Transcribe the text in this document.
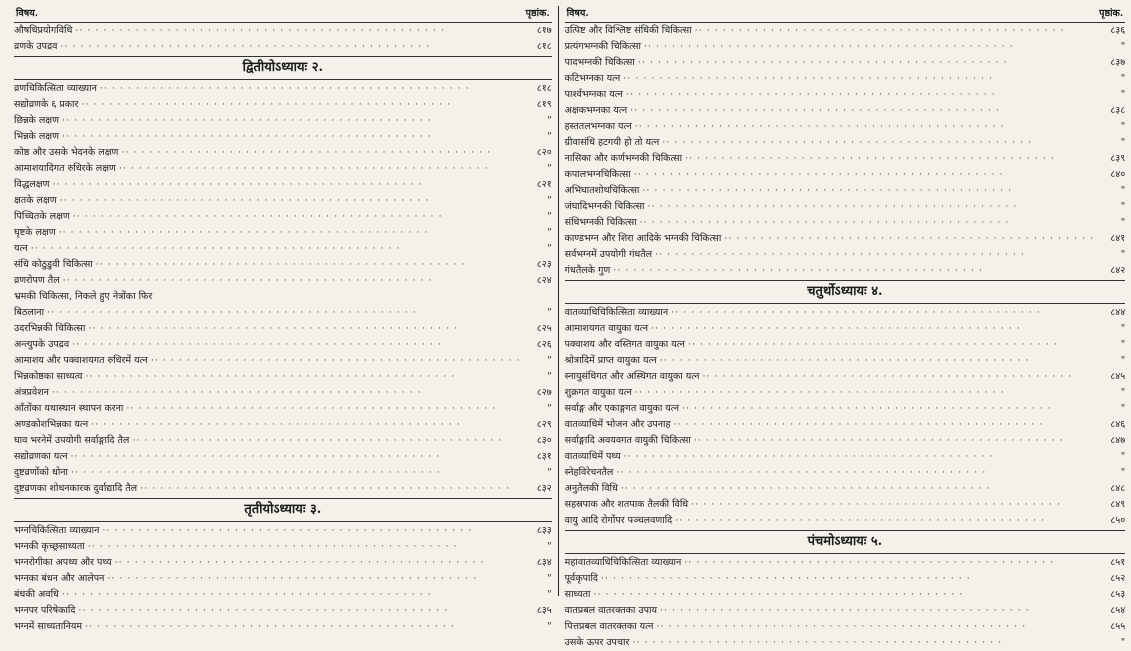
विषय.	पृष्ठांक.
औषधिप्रयोगविधि ·· ·	८१७
व्रणके उपद्रव ·· ·	८१८
द्वितीयोऽध्यायः २.
व्रणचिकित्सिता व्याख्यान ·· ·	८१८
सद्योव्रणके ६ प्रकार ·· ·	८१९
छिन्नके लक्षण ·· ·	"
भिन्नके लक्षण ·· ·	"
कोष्ठ और उसके भेदनके लक्षण ·· ·	८२०
आमाशयादिगत रुधिरके लक्षण ·· ·	"
विद्धलक्षण ·· ·	८२१
क्षतके लक्षण ·· ·	"
पिच्चितके लक्षण ·· ·	"
घृष्टके लक्षण ·· ·	"
यत्न ·· ·	"
संधि कोठुडुवी चिकित्सा ·· ·	८२३
व्रणरोपण तैल ·· ·	८२४
भ्रमकी चिकित्सा, निकले हुए नेत्रोंका फिर
बिठलाना ·· ·	"
उदरभिन्नकी चिकित्सा ·· ·	८२५
अन्त्युपके उपद्रव ·· ·	८२६
आमाशय और पक्वाशयगत रुधिरमें यत्न ·· ·	"
भिन्नकोष्ठका साध्यत्व ·· ·	"
अंत्रप्रवेशन ·· ·	८२७
आँतोंका यथास्थान स्थापन करना ·· ·	"
अण्डकोशभिन्नका यत्न ·· ·	८२९
घाव भरनेमें उपयोगी सर्वाङ्गादि तैल ·· ·	८३०
सद्योव्रणका यत्न ·· ·	८३१
दुष्टव्रणोंको धोना ·· ·	"
दुष्टव्रणका शोधनकारक दुर्वाद्यादि तैल ·· ·	८३२
तृतीयोऽध्यायः ३.
भग्नचिकित्सिता व्याख्यान ·· ·	८३३
भग्नकी कृच्छ्रसाध्यता ·· ·	"
भग्नरोगीका अपथ्य और पथ्य ·· ·	८३४
भग्नका बंधन और आलेपन ·· ·	"
बंधकी अवधि ·· ·	"
भग्नपर परिषेकादि ·· ·	८३५
भग्नमें साध्यतानियम ·· ·	"
विषय.	पृष्ठांक.
उत्पिष्ट और विश्लिष्ट संधिकी चिकित्सा ·· ·	८३६
प्रत्यंगभग्नकी चिकित्सा ·· ·	"
पादभग्नकी चिकित्सा ·· ·	८३७
कटिभग्नका यत्न ·· ·	"
पार्श्वभग्नका यत्न ·· ·	"
अक्षकभग्नका यत्न ·· ·	८३८
हस्ततलभग्नका यत्न ·· ·	"
ग्रीवासंधि हटगयी हो तो यत्न ·· ·	"
नासिका और कर्णभग्नकी चिकित्सा ·· ·	८३९
कपालभग्नचिकित्सा ·· ·	८४०
अभिघातशोथचिकित्सा ·· ·	"
जंघादिभग्नकी चिकित्सा ·· ·	"
संधिभग्नकी चिकित्सा ·· ·	"
काण्डभग्न और शिरा आदिके भग्नकी चिकित्सा ·· ·	८४१
सर्वभग्नमें उपयोगी गंधतैल ·· ·	"
गंधतैलके गुण ·· ·	८४२
चतुर्थोऽध्यायः ४.
वातव्याधिचिकित्सिता व्याख्यान ·· ·	८४४
आमाशयगत वायुका यत्न ·· ·	"
पक्वाशय और वस्तिगत वायुका यत्न ·· ·	"
श्रोत्रादिमें प्राप्त वायुका यत्न ·· ·	"
स्नायुसंधिगत और अस्थिगत वायुका यत्न ·· ·	८४५
शुक्रगत वायुका यत्न ·· ·	"
सर्वाङ्ग और एकाङ्गगत वायुका यत्न ·· ·	"
वातव्याधिमें भोजन और उपनाह ·· ·	८४६
सर्वाङ्गादि अवयवगत वायुकी चिकित्सा ·· ·	८४७
वातव्याधिमें पथ्य ·· ·	"
स्नेहविरेचनतैल ·· ·	"
अनुतैलकी विधि ·· ·	८४८
सहस्रपाक और शतपाक तैलकी विधि ·· ·	८४९
वायु आदि रोगोंपर पञ्चलवणादि ·· ·	८५०
पंचमोऽध्यायः ५.
महावातव्याधिचिकित्सिता व्याख्यान ·· ·	८५१
पूर्वकृपादि ·· ·	८५२
साध्यता ·· ·	८५३
वातप्रबल वातरक्तका उपाय ·· ·	८५४
पित्तप्रबल वातरक्तका यत्न ·· ·	८५५
उसके ऊपर उपचार ·· ·	"
